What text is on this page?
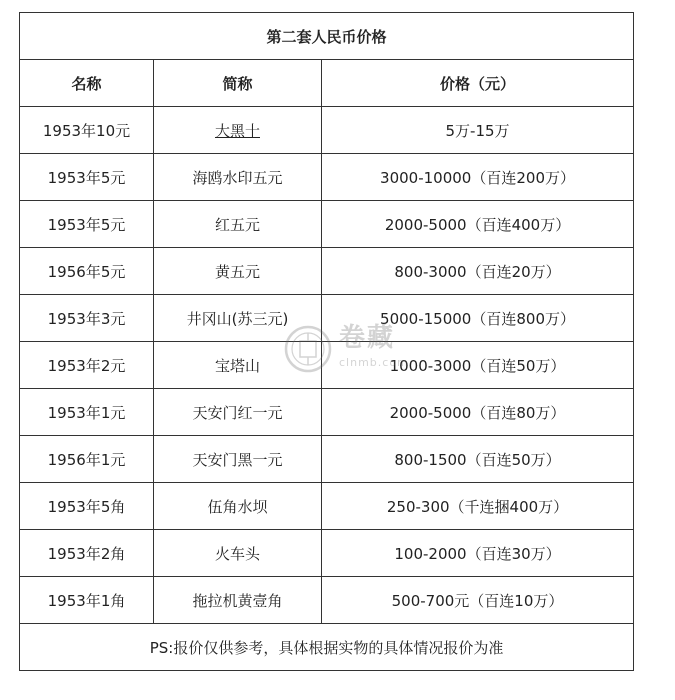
第二套人民币价格		
名称	简称	价格（元）
1953年10元	大黑十	5万-15万
1953年5元	海鸥水印五元	3000-10000（百连200万）
1953年5元	红五元	2000-5000（百连400万）
1956年5元	黄五元	800-3000（百连20万）
1953年3元	井冈山(苏三元)	5000-15000（百连800万）
1953年2元	宝塔山	1000-3000（百连50万）
1953年1元	天安门红一元	2000-5000（百连80万）
1956年1元	天安门黑一元	800-1500（百连50万）
1953年5角	伍角水坝	250-300（千连捆400万）
1953年2角	火车头	100-2000（百连30万）
1953年1角	拖拉机黄壹角	500-700元（百连10万）
PS:报价仅供参考，具体根据实物的具体情况报价为准		
卷藏
clnmb.com
